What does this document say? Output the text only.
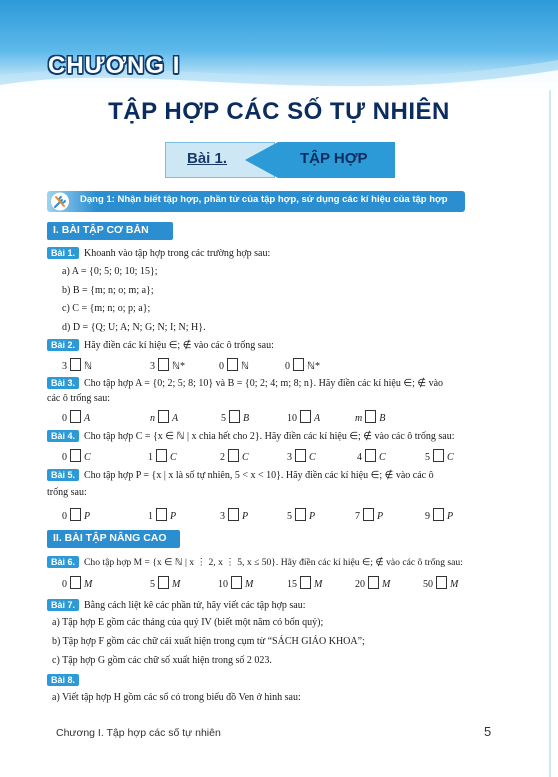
CHƯƠNG I
TẬP HỢP CÁC SỐ TỰ NHIÊN
Bài 1.	TẬP HỢP
Dạng 1: Nhận biết tập hợp, phần tử của tập hợp, sử dụng các kí hiệu của tập hợp
I. BÀI TẬP CƠ BẢN
Bài 1. Khoanh vào tập hợp trong các trường hợp sau:
a) A = {0; 5; 0; 10; 15};
b) B = {m; n; o; m; a};
c) C = {m; n; o; p; a};
d) D = {Q; U; A; N; G; N; I; N; H}.
Bài 2. Hãy điền các kí hiệu ∈; ∉ vào các ô trống sau:
3 ℕ	3 ℕ*	0 ℕ	0 ℕ*
Bài 3. Cho tập hợp A = {0; 2; 5; 8; 10} và B = {0; 2; 4; m; 8; n}. Hãy điền các kí hiệu ∈; ∉ vào
các ô trống sau:
0 A	n A	5 B	10 A	m B
Bài 4. Cho tập hợp C = {x ∈ ℕ | x chia hết cho 2}. Hãy điền các kí hiệu ∈; ∉ vào các ô trống sau:
0 C	1 C	2 C	3 C	4 C	5 C
Bài 5. Cho tập hợp P = {x | x là số tự nhiên, 5 < x < 10}. Hãy điền các kí hiệu ∈; ∉ vào các ô
trống sau:
0 P	1 P	3 P	5 P	7 P	9 P
II. BÀI TẬP NÂNG CAO
Bài 6. Cho tập hợp M = {x ∈ ℕ | x ⋮ 2, x ⋮ 5, x ≤ 50}. Hãy điền các kí hiệu ∈; ∉ vào các ô trống sau:
0 M	5 M	10 M	15 M	20 M	50 M
Bài 7. Bằng cách liệt kê các phần tử, hãy viết các tập hợp sau:
a) Tập hợp E gồm các tháng của quý IV (biết một năm có bốn quý);
b) Tập hợp F gồm các chữ cái xuất hiện trong cụm từ “SÁCH GIÁO KHOA”;
c) Tập hợp G gồm các chữ số xuất hiện trong số 2 023.
Bài 8.
a) Viết tập hợp H gồm các số có trong biểu đồ Ven ở hình sau:
Chương I. Tập hợp các số tự nhiên	5
